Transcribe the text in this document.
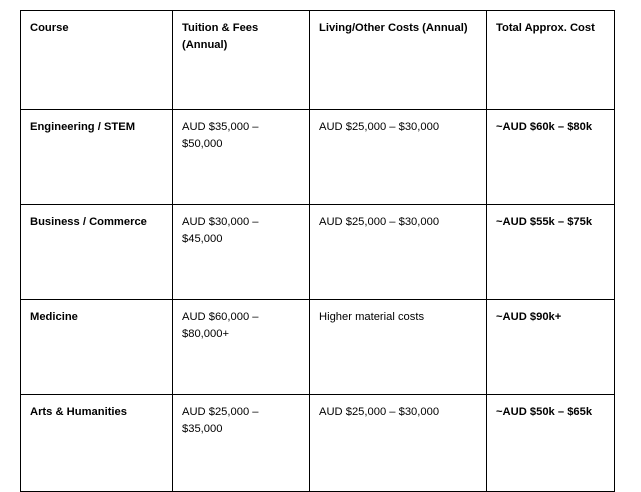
Course	Tuition & Fees (Annual)	Living/Other Costs (Annual)	Total Approx. Cost
Engineering / STEM	AUD $35,000 – $50,000	AUD $25,000 – $30,000	~AUD $60k – $80k
Business / Commerce	AUD $30,000 – $45,000	AUD $25,000 – $30,000	~AUD $55k – $75k
Medicine	AUD $60,000 – $80,000+	Higher material costs	~AUD $90k+
Arts & Humanities	AUD $25,000 – $35,000	AUD $25,000 – $30,000	~AUD $50k – $65k
